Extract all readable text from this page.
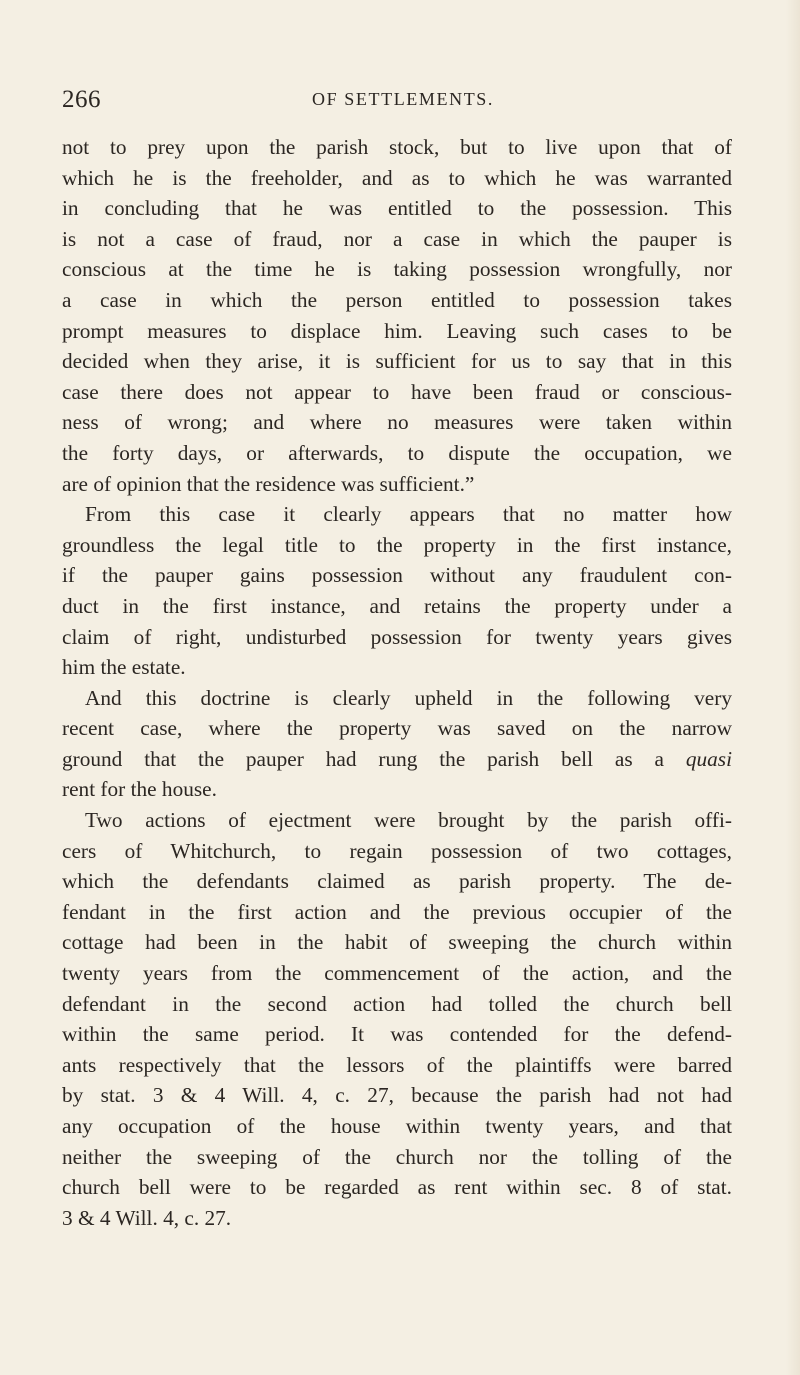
266	OF SETTLEMENTS.
not to prey upon the parish stock, but to live upon that of
which he is the freeholder, and as to which he was warranted
in concluding that he was entitled to the possession. This
is not a case of fraud, nor a case in which the pauper is
conscious at the time he is taking possession wrongfully, nor
a case in which the person entitled to possession takes
prompt measures to displace him. Leaving such cases to be
decided when they arise, it is sufficient for us to say that in this
case there does not appear to have been fraud or conscious-
ness of wrong; and where no measures were taken within
the forty days, or afterwards, to dispute the occupation, we
are of opinion that the residence was sufficient.”
From this case it clearly appears that no matter how
groundless the legal title to the property in the first instance,
if the pauper gains possession without any fraudulent con-
duct in the first instance, and retains the property under a
claim of right, undisturbed possession for twenty years gives
him the estate.
And this doctrine is clearly upheld in the following very
recent case, where the property was saved on the narrow
ground that the pauper had rung the parish bell as a quasi
rent for the house.
Two actions of ejectment were brought by the parish offi-
cers of Whitchurch, to regain possession of two cottages,
which the defendants claimed as parish property. The de-
fendant in the first action and the previous occupier of the
cottage had been in the habit of sweeping the church within
twenty years from the commencement of the action, and the
defendant in the second action had tolled the church bell
within the same period. It was contended for the defend-
ants respectively that the lessors of the plaintiffs were barred
by stat. 3 & 4 Will. 4, c. 27, because the parish had not had
any occupation of the house within twenty years, and that
neither the sweeping of the church nor the tolling of the
church bell were to be regarded as rent within sec. 8 of stat.
3 & 4 Will. 4, c. 27.
